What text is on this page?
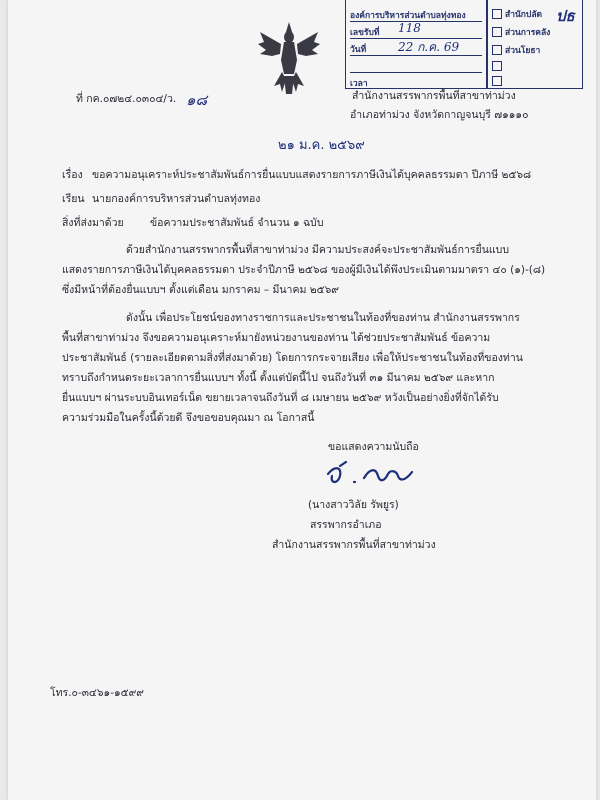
องค์การบริหารส่วนตำบลทุ่งทอง
เลขรับที่ 118
วันที่	22 ก.ค. 69
เวลา
สำนักปลัด
ส่วนการคลัง
ส่วนโยธา
ปธ
ที่ กค.๐๗๒๔.๐๓๐๔/ว. ๑๘	สำนักงานสรรพากรพื้นที่สาขาท่าม่วง
อำเภอท่าม่วง จังหวัดกาญจนบุรี ๗๑๑๑๐
๒๑ ม.ค. ๒๕๖๙
เรื่อง ขอความอนุเคราะห์ประชาสัมพันธ์การยื่นแบบแสดงรายการภาษีเงินได้บุคคลธรรมดา ปีภาษี ๒๕๖๘
เรียน นายกองค์การบริหารส่วนตำบลทุ่งทอง
สิ่งที่ส่งมาด้วย	ข้อความประชาสัมพันธ์ จำนวน ๑ ฉบับ
ด้วยสำนักงานสรรพากรพื้นที่สาขาท่าม่วง มีความประสงค์จะประชาสัมพันธ์การยื่นแบบ
แสดงรายการภาษีเงินได้บุคคลธรรมดา ประจำปีภาษี ๒๕๖๘ ของผู้มีเงินได้พึงประเมินตามมาตรา ๔๐ (๑)-(๘)
ซึ่งมีหน้าที่ต้องยื่นแบบฯ ตั้งแต่เดือน มกราคม – มีนาคม ๒๕๖๙
ดังนั้น เพื่อประโยชน์ของทางราชการและประชาชนในท้องที่ของท่าน สำนักงานสรรพากร
พื้นที่สาขาท่าม่วง จึงขอความอนุเคราะห์มายังหน่วยงานของท่าน ได้ช่วยประชาสัมพันธ์ ข้อความ
ประชาสัมพันธ์ (รายละเอียดตามสิ่งที่ส่งมาด้วย) โดยการกระจายเสียง เพื่อให้ประชาชนในท้องที่ของท่าน
ทราบถึงกำหนดระยะเวลาการยื่นแบบฯ ทั้งนี้ ตั้งแต่บัดนี้ไป จนถึงวันที่ ๓๑ มีนาคม ๒๕๖๙ และหาก
ยื่นแบบฯ ผ่านระบบอินเทอร์เน็ต ขยายเวลาจนถึงวันที่ ๘ เมษายน ๒๕๖๙ หวังเป็นอย่างยิ่งที่จักได้รับ
ความร่วมมือในครั้งนี้ด้วยดี จึงขอขอบคุณมา ณ โอกาสนี้
ขอแสดงความนับถือ
(นางสาววิลัย รัพยูร)
สรรพากรอำเภอ
สำนักงานสรรพากรพื้นที่สาขาท่าม่วง
โทร.๐-๓๔๖๑-๑๕๙๙
